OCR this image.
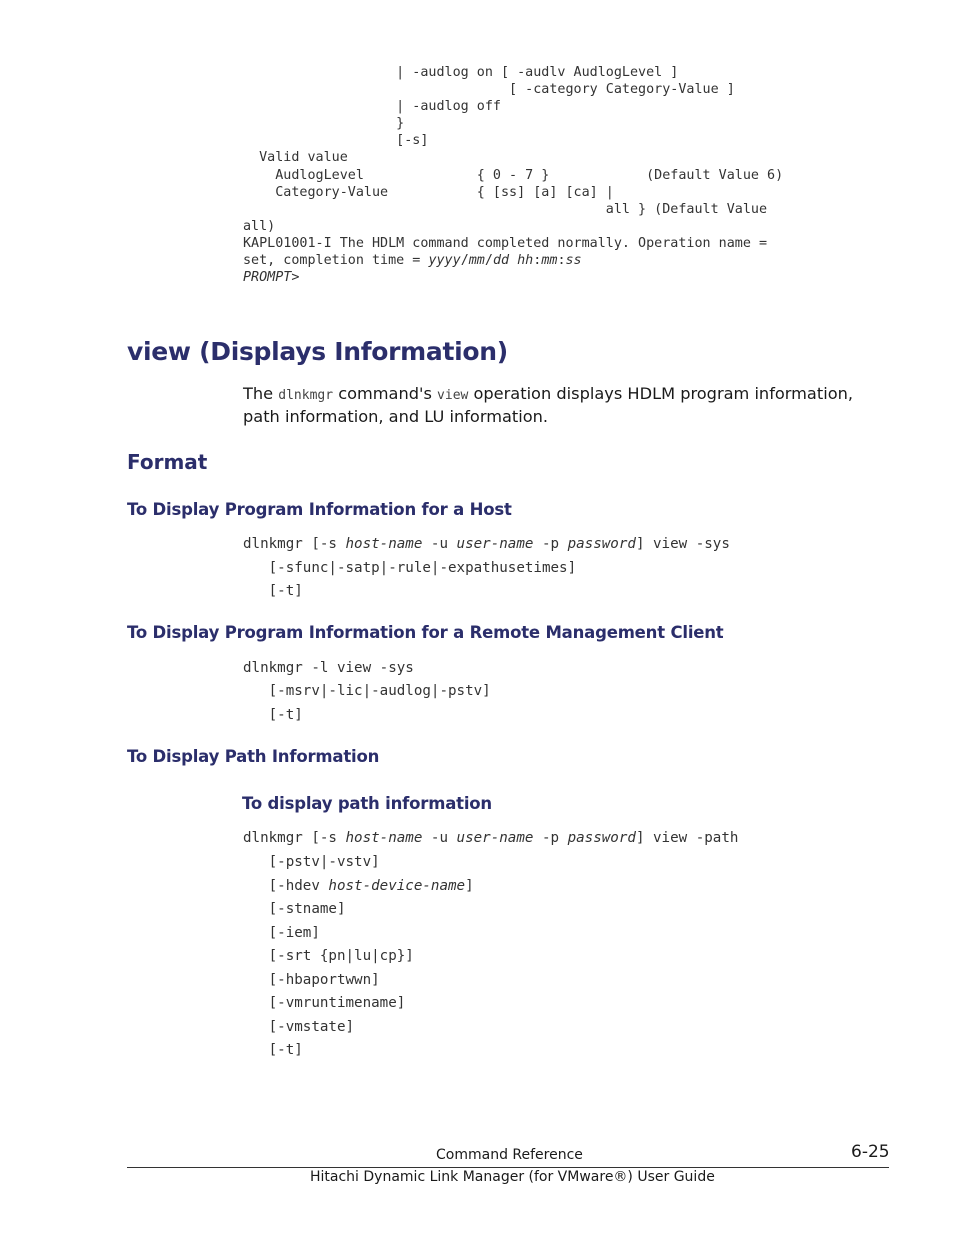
| -audlog on [ -audlv AudlogLevel ]
[ -category Category-Value ]
| -audlog off
}
[-s]
Valid value
AudlogLevel              { 0 - 7 }            (Default Value 6)
Category-Value           { [ss] [a] [ca] |
all } (Default Value
all)
KAPL01001-I The HDLM command completed normally. Operation name =
set, completion time = yyyy/mm/dd hh:mm:ss
PROMPT>
view (Displays Information)

The dlnkmgr command's view operation displays HDLM program information, path information, and LU information.

Format
To Display Program Information for a Host
dlnkmgr [-s host-name -u user-name -p password] view -sys
[-sfunc|-satp|-rule|-expathusetimes]
[-t]
To Display Program Information for a Remote Management Client
dlnkmgr -l view -sys
[-msrv|-lic|-audlog|-pstv]
[-t]
To Display Path Information
To display path information
dlnkmgr [-s host-name -u user-name -p password] view -path
[-pstv|-vstv]
[-hdev host-device-name]
[-stname]
[-iem]
[-srt {pn|lu|cp}]
[-hbaportwwn]
[-vmruntimename]
[-vmstate]
[-t]
Command Reference	6-25
Hitachi Dynamic Link Manager (for VMware®) User Guide
